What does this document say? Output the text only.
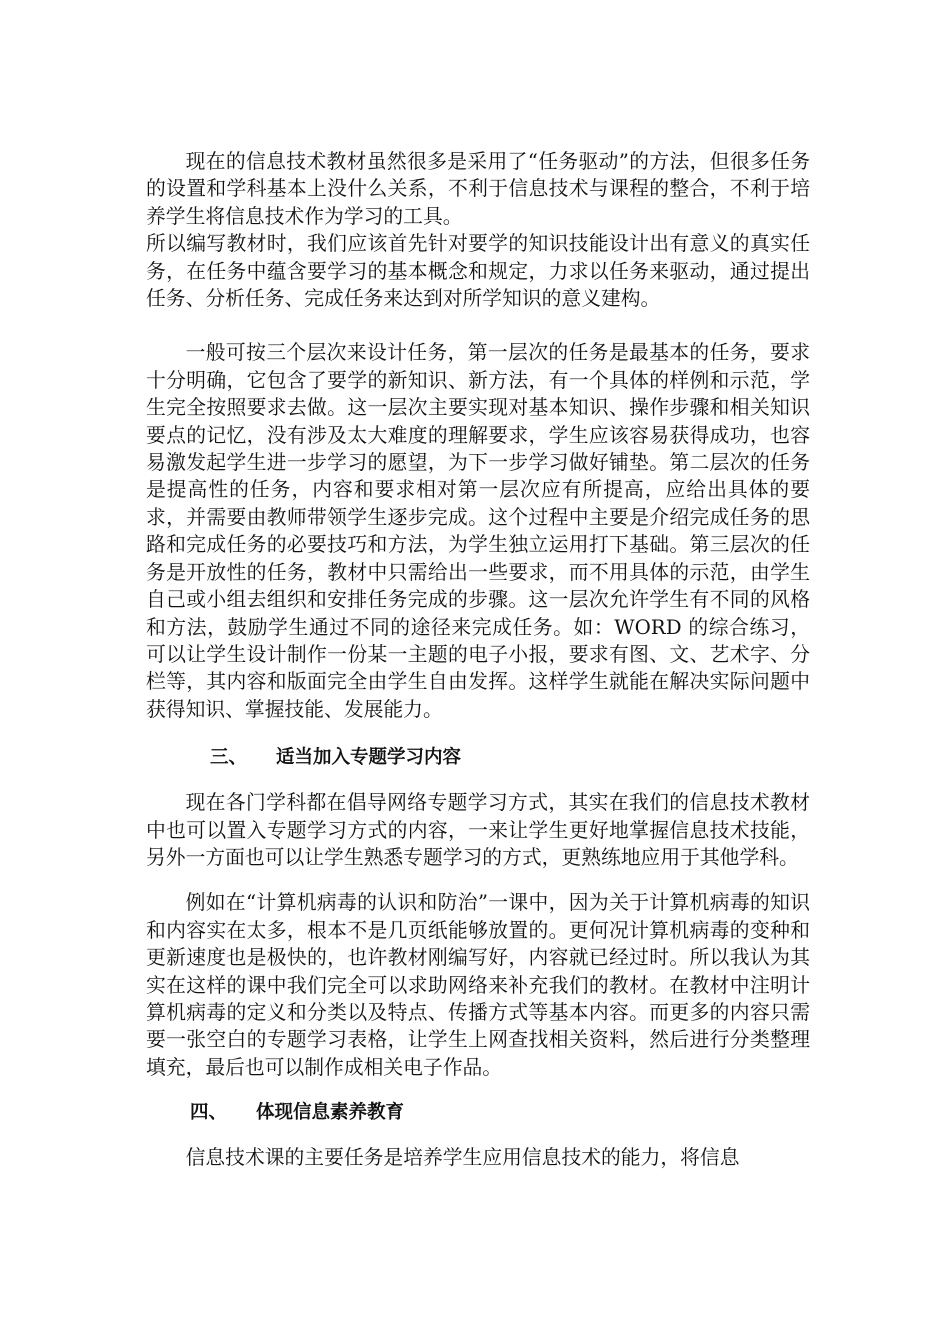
现在的信息技术教材虽然很多是采用了“任务驱动”的方法，但很多任务的设置和学科基本上没什么关系，不利于信息技术与课程的整合，不利于培养学生将信息技术作为学习的工具。

所以编写教材时，我们应该首先针对要学的知识技能设计出有意义的真实任务，在任务中蕴含要学习的基本概念和规定，力求以任务来驱动，通过提出任务、分析任务、完成任务来达到对所学知识的意义建构。

一般可按三个层次来设计任务，第一层次的任务是最基本的任务，要求十分明确，它包含了要学的新知识、新方法，有一个具体的样例和示范，学生完全按照要求去做。这一层次主要实现对基本知识、操作步骤和相关知识要点的记忆，没有涉及太大难度的理解要求，学生应该容易获得成功，也容易激发起学生进一步学习的愿望，为下一步学习做好铺垫。第二层次的任务是提高性的任务，内容和要求相对第一层次应有所提高，应给出具体的要求，并需要由教师带领学生逐步完成。这个过程中主要是介绍完成任务的思路和完成任务的必要技巧和方法，为学生独立运用打下基础。第三层次的任务是开放性的任务，教材中只需给出一些要求，而不用具体的示范，由学生自己或小组去组织和安排任务完成的步骤。这一层次允许学生有不同的风格和方法，鼓励学生通过不同的途径来完成任务。如：WORD 的综合练习，可以让学生设计制作一份某一主题的电子小报，要求有图、文、艺术字、分栏等，其内容和版面完全由学生自由发挥。这样学生就能在解决实际问题中获得知识、掌握技能、发展能力。

三、 适当加入专题学习内容

现在各门学科都在倡导网络专题学习方式，其实在我们的信息技术教材中也可以置入专题学习方式的内容，一来让学生更好地掌握信息技术技能，另外一方面也可以让学生熟悉专题学习的方式，更熟练地应用于其他学科。

例如在“计算机病毒的认识和防治”一课中，因为关于计算机病毒的知识和内容实在太多，根本不是几页纸能够放置的。更何况计算机病毒的变种和更新速度也是极快的，也许教材刚编写好，内容就已经过时。所以我认为其实在这样的课中我们完全可以求助网络来补充我们的教材。在教材中注明计算机病毒的定义和分类以及特点、传播方式等基本内容。而更多的内容只需要一张空白的专题学习表格，让学生上网查找相关资料，然后进行分类整理填充，最后也可以制作成相关电子作品。

四、 体现信息素养教育

信息技术课的主要任务是培养学生应用信息技术的能力，将信息
